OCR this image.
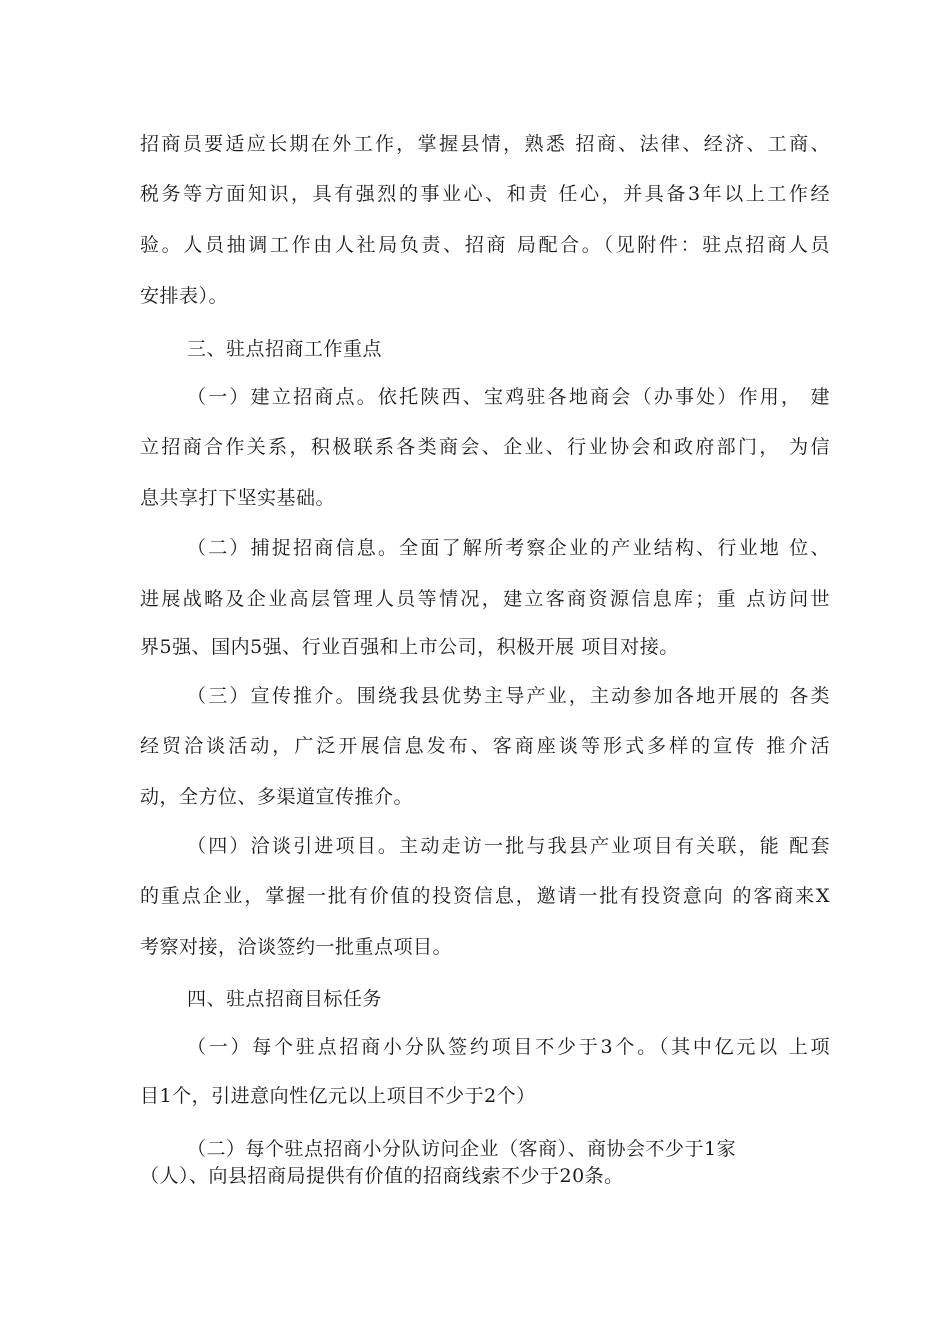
招商员要适应长期在外工作，掌握县情，熟悉 招商、法律、经济、工商、
税务等方面知识，具有强烈的事业心、和责 任心，并具备3年以上工作经
验。人员抽调工作由人社局负责、招商 局配合。（见附件：驻点招商人员
安排表）。
三、驻点招商工作重点
（一）建立招商点。依托陕西、宝鸡驻各地商会（办事处）作用， 建
立招商合作关系，积极联系各类商会、企业、行业协会和政府部门， 为信
息共享打下坚实基础。
（二）捕捉招商信息。全面了解所考察企业的产业结构、行业地 位、
进展战略及企业高层管理人员等情况，建立客商资源信息库；重 点访问世
界5强、国内5强、行业百强和上市公司，积极开展 项目对接。
（三）宣传推介。围绕我县优势主导产业，主动参加各地开展的 各类
经贸洽谈活动，广泛开展信息发布、客商座谈等形式多样的宣传 推介活
动，全方位、多渠道宣传推介。
（四）洽谈引进项目。主动走访一批与我县产业项目有关联，能 配套
的重点企业，掌握一批有价值的投资信息，邀请一批有投资意向 的客商来X
考察对接，洽谈签约一批重点项目。
四、驻点招商目标任务
（一）每个驻点招商小分队签约项目不少于3个。（其中亿元以 上项
目1个，引进意向性亿元以上项目不少于2个）
（二）每个驻点招商小分队访问企业（客商）、商协会不少于1家
（人）、向县招商局提供有价值的招商线索不少于20条。
